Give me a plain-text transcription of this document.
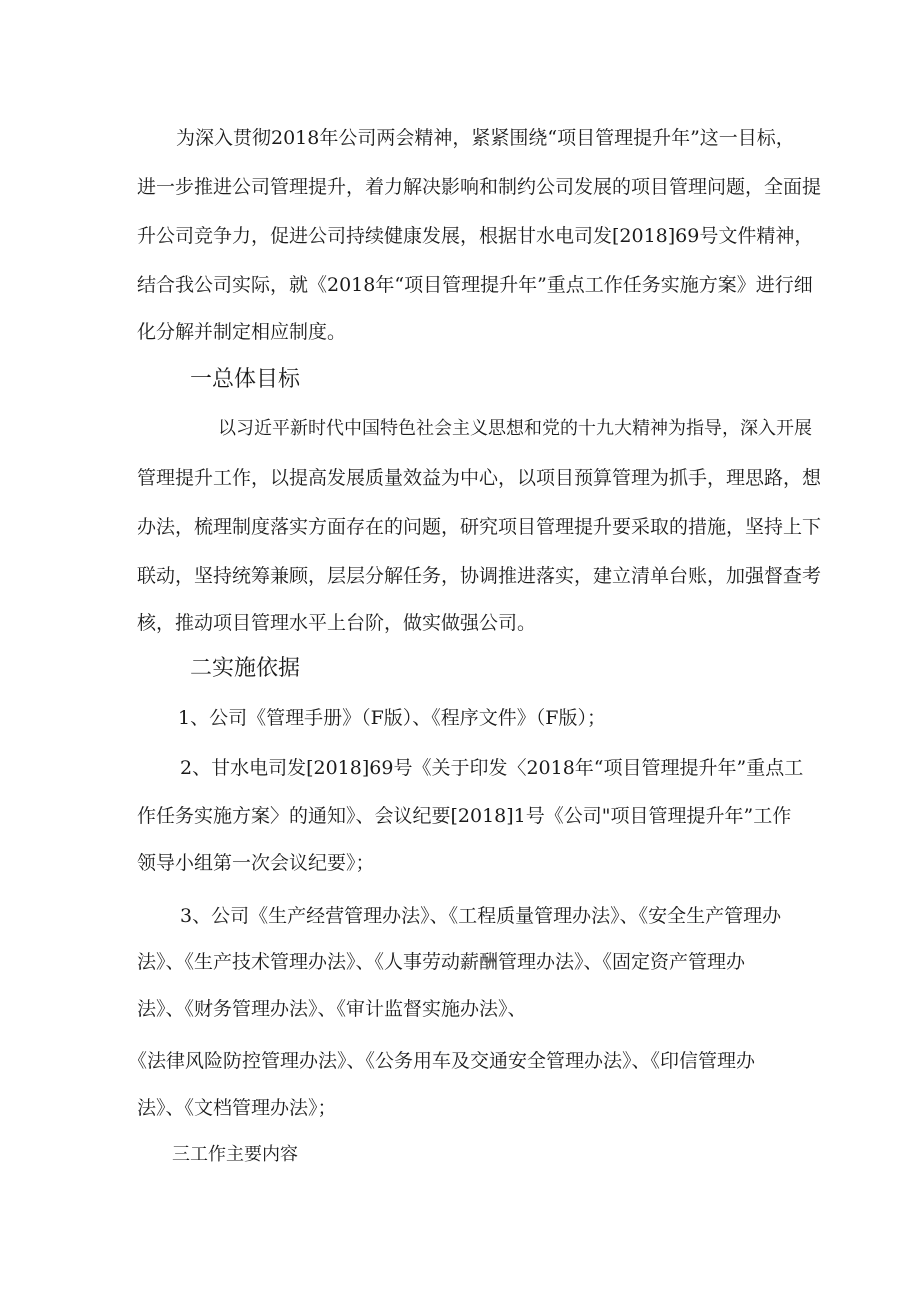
为深入贯彻2018年公司两会精神，紧紧围绕“项目管理提升年”这一目标，
进一步推进公司管理提升，着力解决影响和制约公司发展的项目管理问题，全面提
升公司竞争力，促进公司持续健康发展，根据甘水电司发[2018]69号文件精神，
结合我公司实际，就《2018年“项目管理提升年”重点工作任务实施方案》进行细
化分解并制定相应制度。
一总体目标
以习近平新时代中国特色社会主义思想和党的十九大精神为指导，深入开展
管理提升工作，以提高发展质量效益为中心，以项目预算管理为抓手，理思路，想
办法，梳理制度落实方面存在的问题，研究项目管理提升要采取的措施，坚持上下
联动，坚持统筹兼顾，层层分解任务，协调推进落实，建立清单台账，加强督查考
核，推动项目管理水平上台阶，做实做强公司。
二实施依据
1、公司《管理手册》（F版）、《程序文件》（F版）；
2、甘水电司发[2018]69号《关于印发〈2018年“项目管理提升年”重点工
作任务实施方案〉的通知》、会议纪要[2018]1号《公司"项目管理提升年”工作
领导小组第一次会议纪要》；
3、公司《生产经营管理办法》、《工程质量管理办法》、《安全生产管理办
法》、《生产技术管理办法》、《人事劳动薪酬管理办法》、《固定资产管理办
法》、《财务管理办法》、《审计监督实施办法》、
《法律风险防控管理办法》、《公务用车及交通安全管理办法》、《印信管理办
法》、《文档管理办法》；
三工作主要内容
